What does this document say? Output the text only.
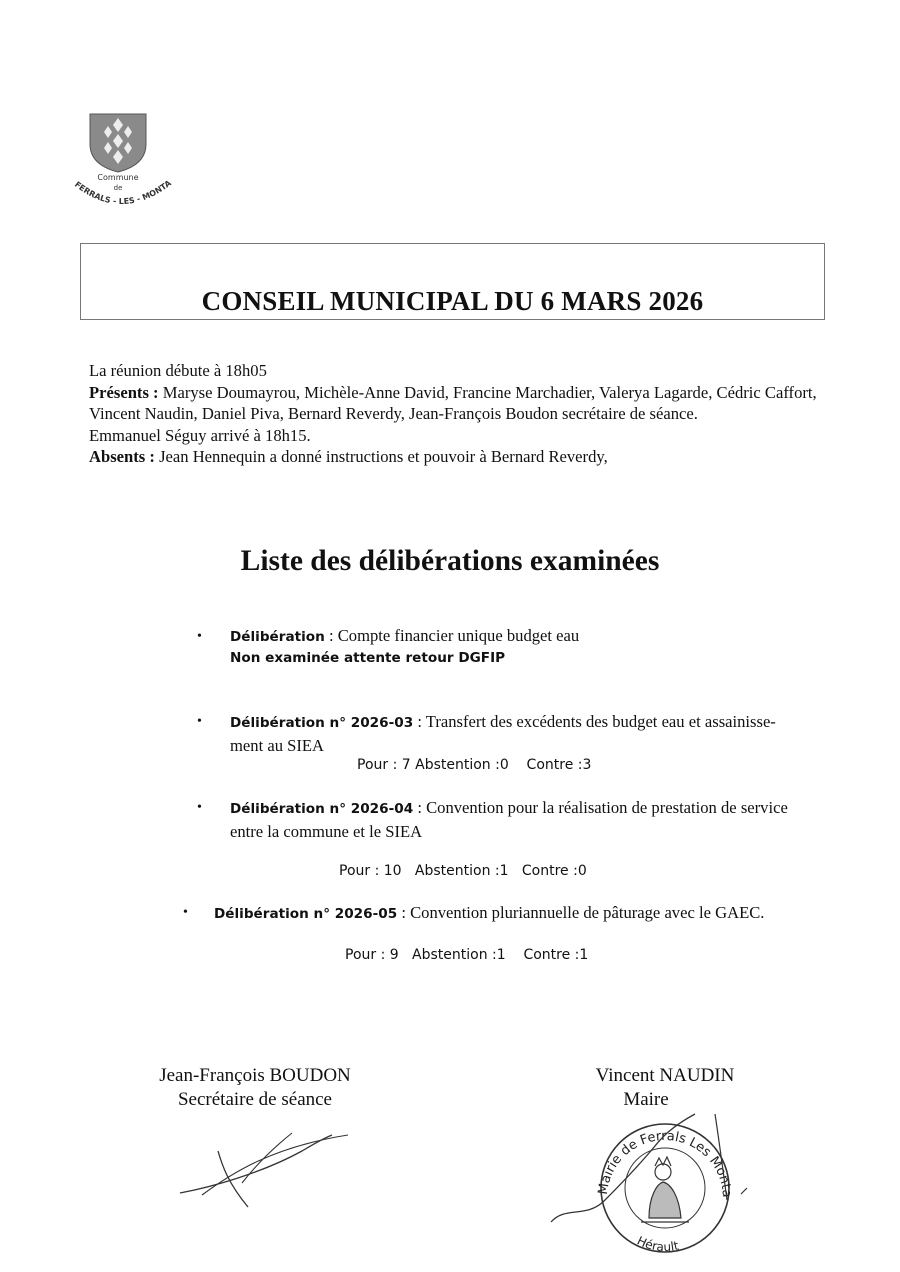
Commune
de
FERRALS - LES - MONTA
CONSEIL MUNICIPAL DU 6 MARS 2026

La réunion débute à 18h05

Présents : Maryse Doumayrou, Michèle-Anne David, Francine Marchadier, Valerya Lagarde, Cédric Caffort, Vincent Naudin, Daniel Piva, Bernard Reverdy, Jean-François Boudon secrétaire de séance.

Emmanuel Séguy arrivé à 18h15.

Absents : Jean Hennequin a donné instructions et pouvoir à Bernard Reverdy,

Liste des délibérations examinées
• Délibération : Compte financier unique budget eau
Non examinée attente retour DGFIP
• Délibération n° 2026-03 : Transfert des excédents des budget eau et assainisse-
ment au SIEA
Pour : 7 Abstention :0    Contre :3
• Délibération n° 2026-04 : Convention pour la réalisation de prestation de service
entre la commune et le SIEA
Pour : 10   Abstention :1   Contre :0
• Délibération n° 2026-05 : Convention pluriannuelle de pâturage avec le GAEC.
Pour : 9   Abstention :1    Contre :1
Jean-François BOUDON
Secrétaire de séance
Vincent NAUDIN
Maire
Mairie de Ferrals Les Monta
Hérault
